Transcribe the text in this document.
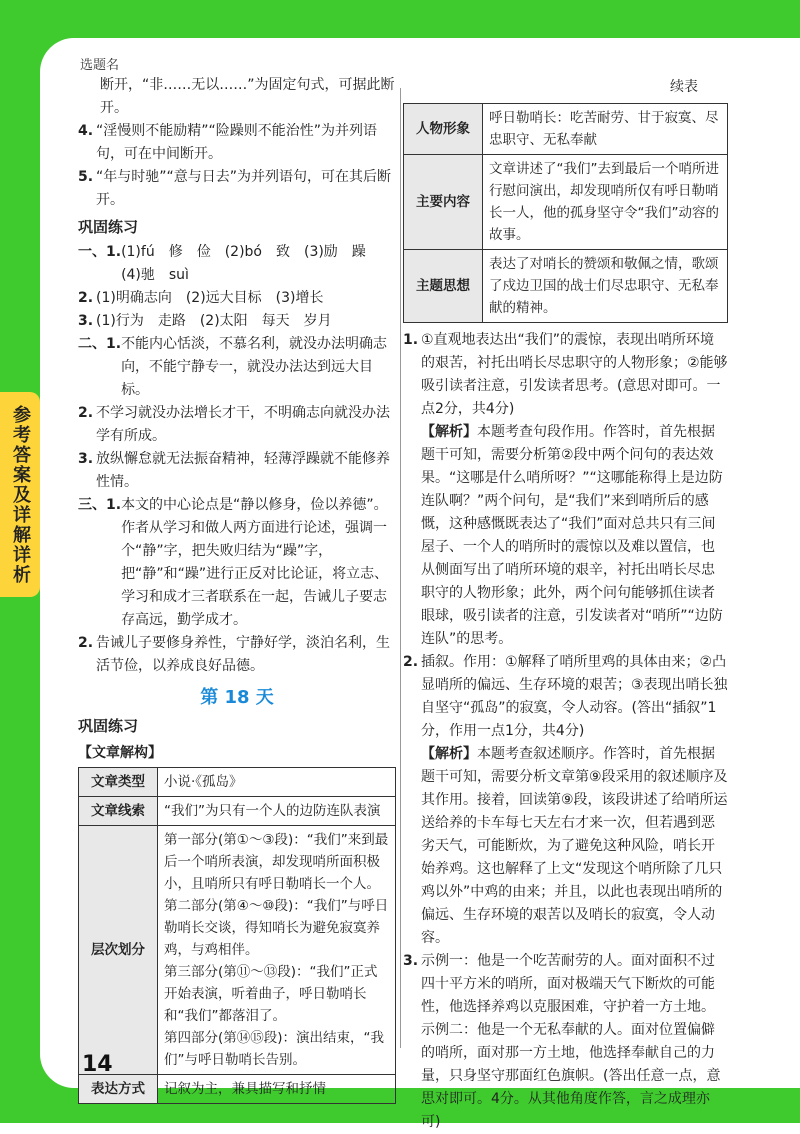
参考答案及详解详析
选题名

断开，“非……无以……”为固定句式，可据此断开。

4. “淫慢则不能励精”“险躁则不能治性”为并列语句，可在中间断开。
5. “年与时驰”“意与日去”为并列语句，可在其后断开。
巩固练习
一、1. (1)fú　修　俭　(2)bó　致　(3)励　躁
(4)驰　suì
2. (1)明确志向　(2)远大目标　(3)增长
3. (1)行为　走路　(2)太阳　每天　岁月
二、1. 不能内心恬淡，不慕名利，就没办法明确志向，不能宁静专一，就没办法达到远大目标。
2. 不学习就没办法增长才干，不明确志向就没办法学有所成。
3. 放纵懈怠就无法振奋精神，轻薄浮躁就不能修养性情。
三、1. 本文的中心论点是“静以修身，俭以养德”。作者从学习和做人两方面进行论述，强调一个“静”字，把失败归结为“躁”字，把“静”和“躁”进行正反对比论证，将立志、学习和成才三者联系在一起，告诫儿子要志存高远，勤学成才。
2. 告诫儿子要修身养性，宁静好学，淡泊名利，生活节俭，以养成良好品德。
第 18 天
巩固练习
【文章解构】
文章类型	小说·《孤岛》
文章线索	“我们”为只有一个人的边防连队表演
层次划分	第一部分(第①～③段)：“我们”来到最后一个哨所表演，却发现哨所面积极小，且哨所只有呼日勒哨长一个人。
第二部分(第④～⑩段)：“我们”与呼日勒哨长交谈，得知哨长为避免寂寞养鸡，与鸡相伴。
第三部分(第⑪～⑬段)：“我们”正式开始表演，听着曲子，呼日勒哨长和“我们”都落泪了。
第四部分(第⑭⑮段)：演出结束，“我们”与呼日勒哨长告别。
表达方式	记叙为主，兼具描写和抒情
续表
人物形象	呼日勒哨长：吃苦耐劳、甘于寂寞、尽忠职守、无私奉献
主要内容	文章讲述了“我们”去到最后一个哨所进行慰问演出，却发现哨所仅有呼日勒哨长一人，他的孤身坚守令“我们”动容的故事。
主题思想	表达了对哨长的赞颂和敬佩之情，歌颂了戍边卫国的战士们尽忠职守、无私奉献的精神。
1. ①直观地表达出“我们”的震惊，表现出哨所环境的艰苦，衬托出哨长尽忠职守的人物形象；②能够吸引读者注意，引发读者思考。(意思对即可。一点2分，共4分)
【解析】本题考查句段作用。作答时，首先根据题干可知，需要分析第②段中两个问句的表达效果。“这哪是什么哨所呀？”“这哪能称得上是边防连队啊？”两个问句，是“我们”来到哨所后的感慨，这种感慨既表达了“我们”面对总共只有三间屋子、一个人的哨所时的震惊以及难以置信，也从侧面写出了哨所环境的艰辛，衬托出哨长尽忠职守的人物形象；此外，两个问句能够抓住读者眼球，吸引读者的注意，引发读者对“哨所”“边防连队”的思考。
2. 插叙。作用：①解释了哨所里鸡的具体由来；②凸显哨所的偏远、生存环境的艰苦；③表现出哨长独自坚守“孤岛”的寂寞，令人动容。(答出“插叙”1分，作用一点1分，共4分)
【解析】本题考查叙述顺序。作答时，首先根据题干可知，需要分析文章第⑨段采用的叙述顺序及其作用。接着，回读第⑨段，该段讲述了给哨所运送给养的卡车每七天左右才来一次，但若遇到恶劣天气，可能断炊，为了避免这种风险，哨长开始养鸡。这也解释了上文“发现这个哨所除了几只鸡以外”中鸡的由来；并且，以此也表现出哨所的偏远、生存环境的艰苦以及哨长的寂寞，令人动容。
3. 示例一：他是一个吃苦耐劳的人。面对面积不过四十平方米的哨所，面对极端天气下断炊的可能性，他选择养鸡以克服困难，守护着一方土地。
示例二：他是一个无私奉献的人。面对位置偏僻的哨所，面对那一方土地，他选择奉献自己的力量，只身坚守那面红色旗帜。(答出任意一点，意思对即可。4分。从其他角度作答，言之成理亦可)
14
